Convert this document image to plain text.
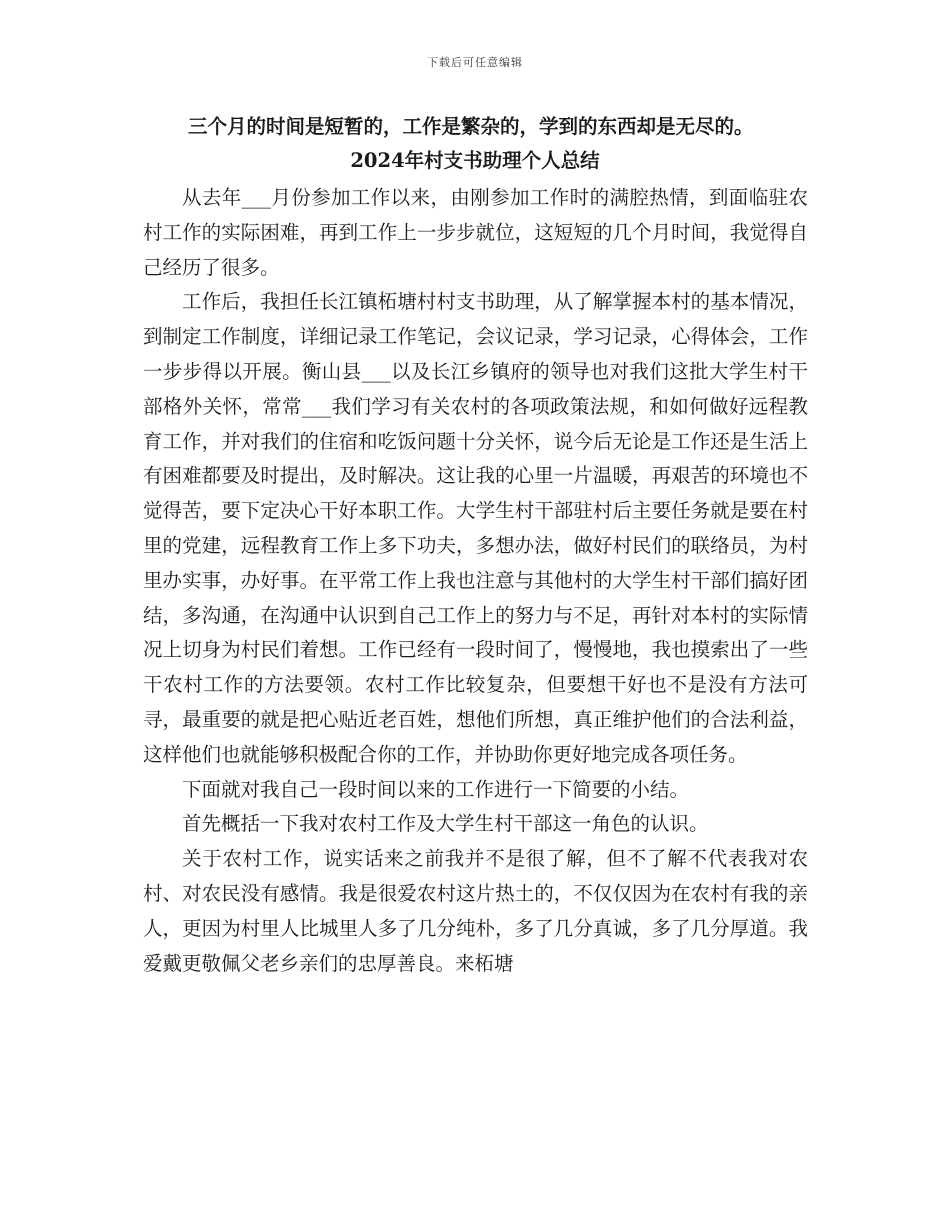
下载后可任意编辑
三个月的时间是短暂的，工作是繁杂的，学到的东西却是无尽的。
2024年村支书助理个人总结

从去年___月份参加工作以来，由刚参加工作时的满腔热情，到面临驻农村工作的实际困难，再到工作上一步步就位，这短短的几个月时间，我觉得自己经历了很多。

工作后，我担任长江镇柘塘村村支书助理，从了解掌握本村的基本情况，到制定工作制度，详细记录工作笔记，会议记录，学习记录，心得体会，工作一步步得以开展。衡山县___以及长江乡镇府的领导也对我们这批大学生村干部格外关怀，常常___我们学习有关农村的各项政策法规，和如何做好远程教育工作，并对我们的住宿和吃饭问题十分关怀，说今后无论是工作还是生活上有困难都要及时提出，及时解决。这让我的心里一片温暖，再艰苦的环境也不觉得苦，要下定决心干好本职工作。大学生村干部驻村后主要任务就是要在村里的党建，远程教育工作上多下功夫，多想办法，做好村民们的联络员，为村里办实事，办好事。在平常工作上我也注意与其他村的大学生村干部们搞好团结，多沟通，在沟通中认识到自己工作上的努力与不足，再针对本村的实际情况上切身为村民们着想。工作已经有一段时间了，慢慢地，我也摸索出了一些干农村工作的方法要领。农村工作比较复杂，但要想干好也不是没有方法可寻，最重要的就是把心贴近老百姓，想他们所想，真正维护他们的合法利益，这样他们也就能够积极配合你的工作，并协助你更好地完成各项任务。

下面就对我自己一段时间以来的工作进行一下简要的小结。

首先概括一下我对农村工作及大学生村干部这一角色的认识。

关于农村工作，说实话来之前我并不是很了解，但不了解不代表我对农村、对农民没有感情。我是很爱农村这片热土的，不仅仅因为在农村有我的亲人，更因为村里人比城里人多了几分纯朴，多了几分真诚，多了几分厚道。我爱戴更敬佩父老乡亲们的忠厚善良。来柘塘
